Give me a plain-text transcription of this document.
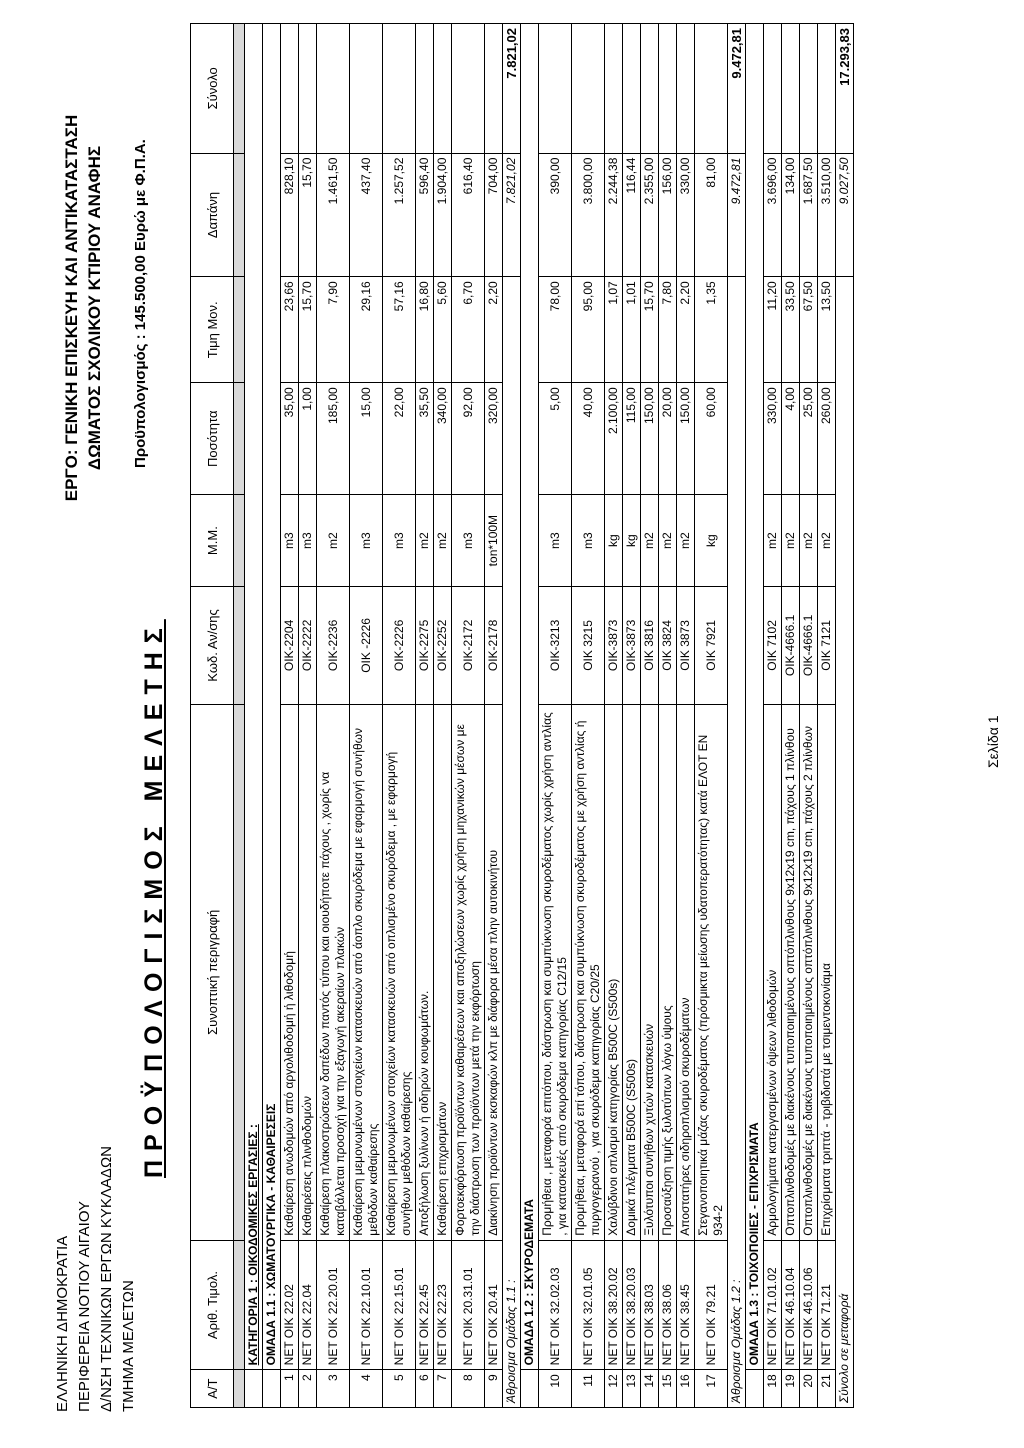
ΕΛΛΗΝΙΚΗ ΔΗΜΟΚΡΑΤΙΑ ΠΕΡΙΦΕΡΕΙΑ ΝΟΤΙΟΥ ΑΙΓΑΙΟΥ Δ/ΝΣΗ ΤΕΧΝΙΚΩΝ ΕΡΓΩΝ ΚΥΚΛΑΔΩΝ ΤΜΗΜΑ ΜΕΛΕΤΩΝ
ΕΡΓΟ: ΓΕΝΙΚΗ ΕΠΙΣΚΕΥΗ ΚΑΙ ΑΝΤΙΚΑΤΑΣΤΑΣΗ ΔΩΜΑΤΟΣ ΣΧΟΛΙΚΟΥ ΚΤΙΡΙΟΥ ΑΝΑΦΗΣ Προϋπολογισμός : 145.500,00 Ευρώ με Φ.Π.Α.
ΠΡΟΫΠΟΛΟΓΙΣΜΟΣ ΜΕΛΕΤΗΣ
Α/Τ	Αριθ. Τιμολ.	Συνοπτική περιγραφή	Κωδ. Αν/σης	Μ.Μ.	Ποσότητα	Τιμη Μον.	Δαπάνη	Σύνολο

	ΚΑΤΗΓΟΡΙΑ 1 : ΟΙΚΟΔΟΜΙΚΕΣ ΕΡΓΑΣΙΕΣ :							
	ΟΜΑΔΑ 1.1 : ΧΩΜΑΤΟΥΡΓΙΚΑ - ΚΑΘΑΙΡΕΣΕΙΣ							
1	ΝΕΤ ΟΙΚ 22.02	Καθαίρεση ανωδομών από αργολιθοδομή ή λιθοδομή	ΟΙΚ-2204	m3	35,00	23,66	828,10	
2	ΝΕΤ ΟΙΚ 22.04	Καθαιρέσεις πλινθοδομών	ΟΙΚ-2222	m3	1,00	15,70	15,70	
3	ΝΕΤ ΟΙΚ 22.20.01	Καθαίρεση πλακοστρώσεων δαπέδων παντός τύπου και οιουδήποτε πάχους , χωρίς να καταβάλλεται προσοχή για την εξαγωγή ακεραίων πλακών	ΟΙΚ-2236	m2	185,00	7,90	1.461,50	
4	ΝΕΤ ΟΙΚ 22.10.01	Καθαίρεση μεμονωμένων στοιχείων κατασκευών από άοπλο σκυρόδεμα με εφαρμογή συνήθων μεθόδων καθαίρεσης	ΟΙΚ -2226	m3	15,00	29,16	437,40	
5	ΝΕΤ ΟΙΚ 22.15.01	Καθαίρεση μεμονωμένων στοιχείων κατασκευών από οπλισμένο σκυρόδεμα , με εφαρμογή συνήθων μεθόδων καθαίρεσης	ΟΙΚ-2226	m3	22,00	57,16	1.257,52	
6	ΝΕΤ ΟΙΚ 22.45	Αποξήλωση ξυλίνων ή σιδηρών κουφωμάτων.	ΟΙΚ-2275	m2	35,50	16,80	596,40	
7	ΝΕΤ ΟΙΚ 22.23	Καθαίρεση επιχρισμάτων	ΟΙΚ-2252	m2	340,00	5,60	1.904,00	
8	ΝΕΤ ΟΙΚ 20.31.01	Φορτοεκφόρτωση προϊόντων καθαιρέσεων και αποξηλώσεων χωρίς χρήση μηχανικών μέσων με την διάστρωση των προϊόντων μετά την εκφόρτωση	ΟΙΚ-2172	m3	92,00	6,70	616,40	
9	ΝΕΤ ΟΙΚ 20.41	Διακίνηση προϊόντων εκσκαφών κλπ με διάφορα μέσα πλην αυτοκινήτου	ΟΙΚ-2178	ton*100M	320,00	2,20	704,00	
Άθροισμα Ομάδας 1.1 :							7.821,02	7.821,02
	ΟΜΑΔΑ 1.2 : ΣΚΥΡΟΔΕΜΑΤΑ							
10	ΝΕΤ ΟΙΚ 32.02.03	Προμήθεια , μεταφορά επιτόπου, διάστρωση και συμπύκνωση σκυροδέματος χωρίς χρήση αντλίας , για κατασκευές από σκυρόδεμα κατηγορίας C12/15	ΟΙΚ-3213	m3	5,00	78,00	390,00	
11	ΝΕΤ ΟΙΚ 32.01.05	Προμήθεια, μεταφορά επί τόπου, διάστρωση και συμπύκνωση σκυροδέματος με χρήση αντλίας ή πυργογερανού , για σκυρόδεμα κατηγορίας C20/25	ΟΙΚ 3215	m3	40,00	95,00	3.800,00	
12	ΝΕΤ ΟΙΚ 38.20.02	Χαλύβδινοι οπλισμοί κατηγορίας B500C (S500s)	ΟΙΚ-3873	kg	2.100,00	1,07	2.244,38	
13	ΝΕΤ ΟΙΚ 38.20.03	Δομικά πλέγματα B500C (S500s)	ΟΙΚ-3873	kg	115,00	1,01	116,44	
14	ΝΕΤ ΟΙΚ 38.03	Ξυλότυποι συνήθων χυτών κατασκευών	ΟΙΚ 3816	m2	150,00	15,70	2.355,00	
15	ΝΕΤ ΟΙΚ 38.06	Προσαύξηση τιμής ξυλοτύπων λόγω ύψους	ΟΙΚ 3824	m2	20,00	7,80	156,00	
16	ΝΕΤ ΟΙΚ 38.45	Αποστατήρες σιδηροπλισμού σκυροδέματων	ΟΙΚ 3873	m2	150,00	2,20	330,00	
17	ΝΕΤ ΟΙΚ 79.21	Στεγανοποιητικά μάζας σκυροδέματος (πρόσμικτα μείωσης υδατοπερατότητας) κατά ΕΛΟΤ ΕΝ 934-2	ΟΙΚ 7921	kg	60,00	1,35	81,00	
Άθροισμα Ομάδας 1.2 :							9.472,81	9.472,81
	ΟΜΑΔΑ 1.3 : ΤΟΙΧΟΠΟΙΙΕΣ - ΕΠΙΧΡΙΣΜΑΤΑ							
18	ΝΕΤ ΟΙΚ 71.01.02	Αρμολογήματα κατεργασμένων όψεων λιθοδομών	ΟΙΚ 7102	m2	330,00	11,20	3.696,00	
19	ΝΕΤ ΟΙΚ 46.10.04	Οπτοπλινθοδομές με διακένους τυποποιημένους οπτόπλινθους 9x12x19 cm, πάχους 1 πλίνθου	ΟΙΚ-4666.1	m2	4,00	33,50	134,00	
20	ΝΕΤ ΟΙΚ 46.10.06	Οπτοπλινθοδομές με διακένους τυποποιημένους οπτόπλινθους 9x12x19 cm, πάχους 2 πλίνθων	ΟΙΚ-4666.1	m2	25,00	67,50	1.687,50	
21	ΝΕΤ ΟΙΚ 71.21	Επιχρίσματα τριπτά - τριβιδιστά με τσιμεντοκονίαμα	ΟΙΚ 7121	m2	260,00	13,50	3.510,00	
Σύνολο σε μεταφορά							9.027,50	17.293,83
Σελίδα 1
